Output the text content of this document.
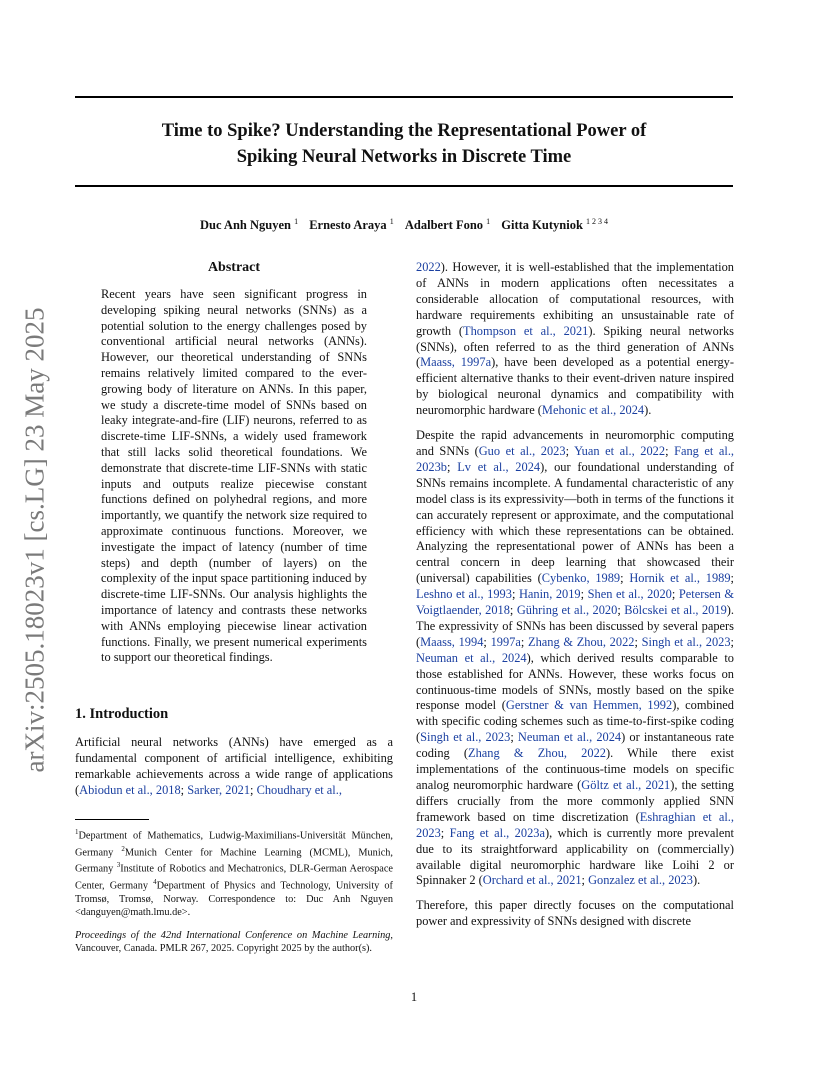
arXiv:2505.18023v1 [cs.LG] 23 May 2025
Time to Spike? Understanding the Representational Power of
Spiking Neural Networks in Discrete Time
Duc Anh Nguyen $^1$ Ernesto Araya $^1$ Adalbert Fono $^1$ Gitta Kutyniok $^{1 2 3 4}$
Abstract

Recent years have seen significant progress in developing spiking neural networks (SNNs) as a potential solution to the energy challenges posed by conventional artificial neural networks (ANNs). However, our theoretical understanding of SNNs remains relatively limited compared to the ever-growing body of literature on ANNs. In this paper, we study a discrete-time model of SNNs based on leaky integrate-and-fire (LIF) neurons, referred to as discrete-time LIF-SNNs, a widely used framework that still lacks solid theoretical foundations. We demonstrate that discrete-time LIF-SNNs with static inputs and outputs realize piecewise constant functions defined on polyhedral regions, and more importantly, we quantify the network size required to approximate continuous functions. Moreover, we investigate the impact of latency (number of time steps) and depth (number of layers) on the complexity of the input space partitioning induced by discrete-time LIF-SNNs. Our analysis highlights the importance of latency and contrasts these networks with ANNs employing piecewise linear activation functions. Finally, we present numerical experiments to support our theoretical findings.

1. Introduction

Artificial neural networks (ANNs) have emerged as a fundamental component of artificial intelligence, exhibiting remarkable achievements across a wide range of applications (Abiodun et al., 2018; Sarker, 2021; Choudhary et al.,

$^1$Department of Mathematics, Ludwig-Maximilians-Universität München, Germany $^2$Munich Center for Machine Learning (MCML), Munich, Germany $^3$Institute of Robotics and Mechatronics, DLR-German Aerospace Center, Germany $^4$Department of Physics and Technology, University of Tromsø, Tromsø, Norway. Correspondence to: Duc Anh Nguyen <danguyen@math.lmu.de>.
Proceedings of the 42nd International Conference on Machine Learning, Vancouver, Canada. PMLR 267, 2025. Copyright 2025 by the author(s).

2022). However, it is well-established that the implementation of ANNs in modern applications often necessitates a considerable allocation of computational resources, with hardware requirements exhibiting an unsustainable rate of growth (Thompson et al., 2021). Spiking neural networks (SNNs), often referred to as the third generation of ANNs (Maass, 1997a), have been developed as a potential energy-efficient alternative thanks to their event-driven nature inspired by biological neuronal dynamics and compatibility with neuromorphic hardware (Mehonic et al., 2024).

Despite the rapid advancements in neuromorphic computing and SNNs (Guo et al., 2023; Yuan et al., 2022; Fang et al., 2023b; Lv et al., 2024), our foundational understanding of SNNs remains incomplete. A fundamental characteristic of any model class is its expressivity—both in terms of the functions it can accurately represent or approximate, and the computational efficiency with which these representations can be obtained. Analyzing the representational power of ANNs has been a central concern in deep learning that showcased their (universal) capabilities (Cybenko, 1989; Hornik et al., 1989; Leshno et al., 1993; Hanin, 2019; Shen et al., 2020; Petersen & Voigtlaender, 2018; Gühring et al., 2020; Bölcskei et al., 2019). The expressivity of SNNs has been discussed by several papers (Maass, 1994; 1997a; Zhang & Zhou, 2022; Singh et al., 2023; Neuman et al., 2024), which derived results comparable to those established for ANNs. However, these works focus on continuous-time models of SNNs, mostly based on the spike response model (Gerstner & van Hemmen, 1992), combined with specific coding schemes such as time-to-first-spike coding (Singh et al., 2023; Neuman et al., 2024) or instantaneous rate coding (Zhang & Zhou, 2022). While there exist implementations of the continuous-time models on specific analog neuromorphic hardware (Göltz et al., 2021), the setting differs crucially from the more commonly applied SNN framework based on time discretization (Eshraghian et al., 2023; Fang et al., 2023a), which is currently more prevalent due to its straightforward applicability on (commercially) available digital neuromorphic hardware like Loihi 2 or Spinnaker 2 (Orchard et al., 2021; Gonzalez et al., 2023).

Therefore, this paper directly focuses on the computational power and expressivity of SNNs designed with discrete

1
